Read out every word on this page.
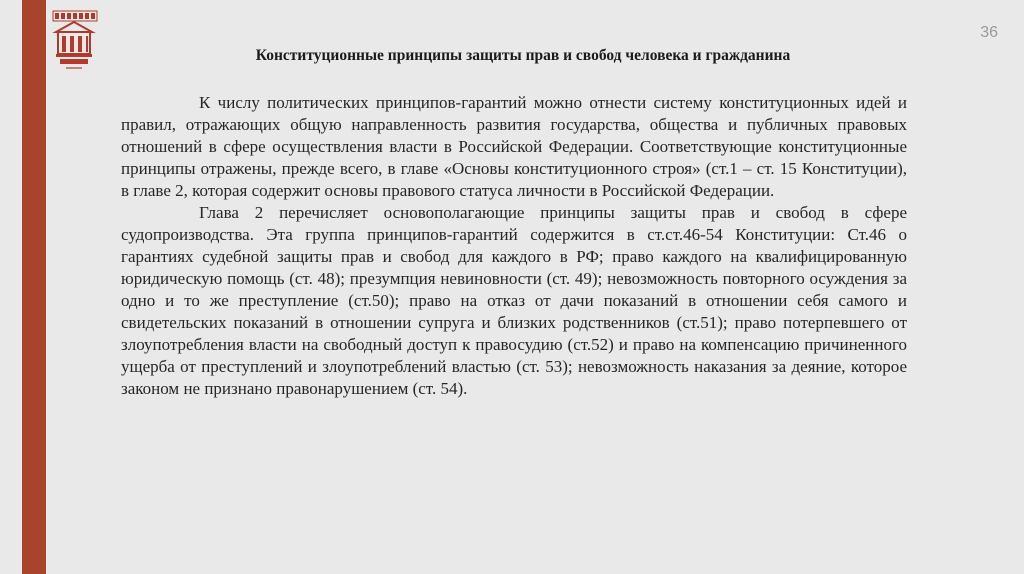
36
Конституционные принципы защиты прав и свобод человека и гражданина

К числу политических принципов-гарантий можно отнести систему конституционных идей и правил, отражающих общую направленность развития государства, общества и публичных правовых отношений в сфере осуществления власти в Российской Федерации. Соответствующие конституционные принципы отражены, прежде всего, в главе «Основы конституционного строя» (ст.1 – ст. 15 Конституции), в главе 2, которая содержит основы правового статуса личности в Российской Федерации.

Глава 2 перечисляет основополагающие принципы защиты прав и свобод в сфере судопроизводства. Эта группа принципов-гарантий содержится в ст.ст.46-54 Конституции: Ст.46 о гарантиях судебной защиты прав и свобод для каждого в РФ; право каждого на квалифицированную юридическую помощь (ст. 48); презумпция невиновности (ст. 49); невозможность повторного осуждения за одно и то же преступление (ст.50); право на отказ от дачи показаний в отношении себя самого и свидетельских показаний в отношении супруга и близких родственников (ст.51); право потерпевшего от злоупотребления власти на свободный доступ к правосудию (ст.52) и право на компенсацию причиненного ущерба от преступлений и злоупотреблений властью (ст. 53); невозможность наказания за деяние, которое законом не признано правонарушением (ст. 54).
